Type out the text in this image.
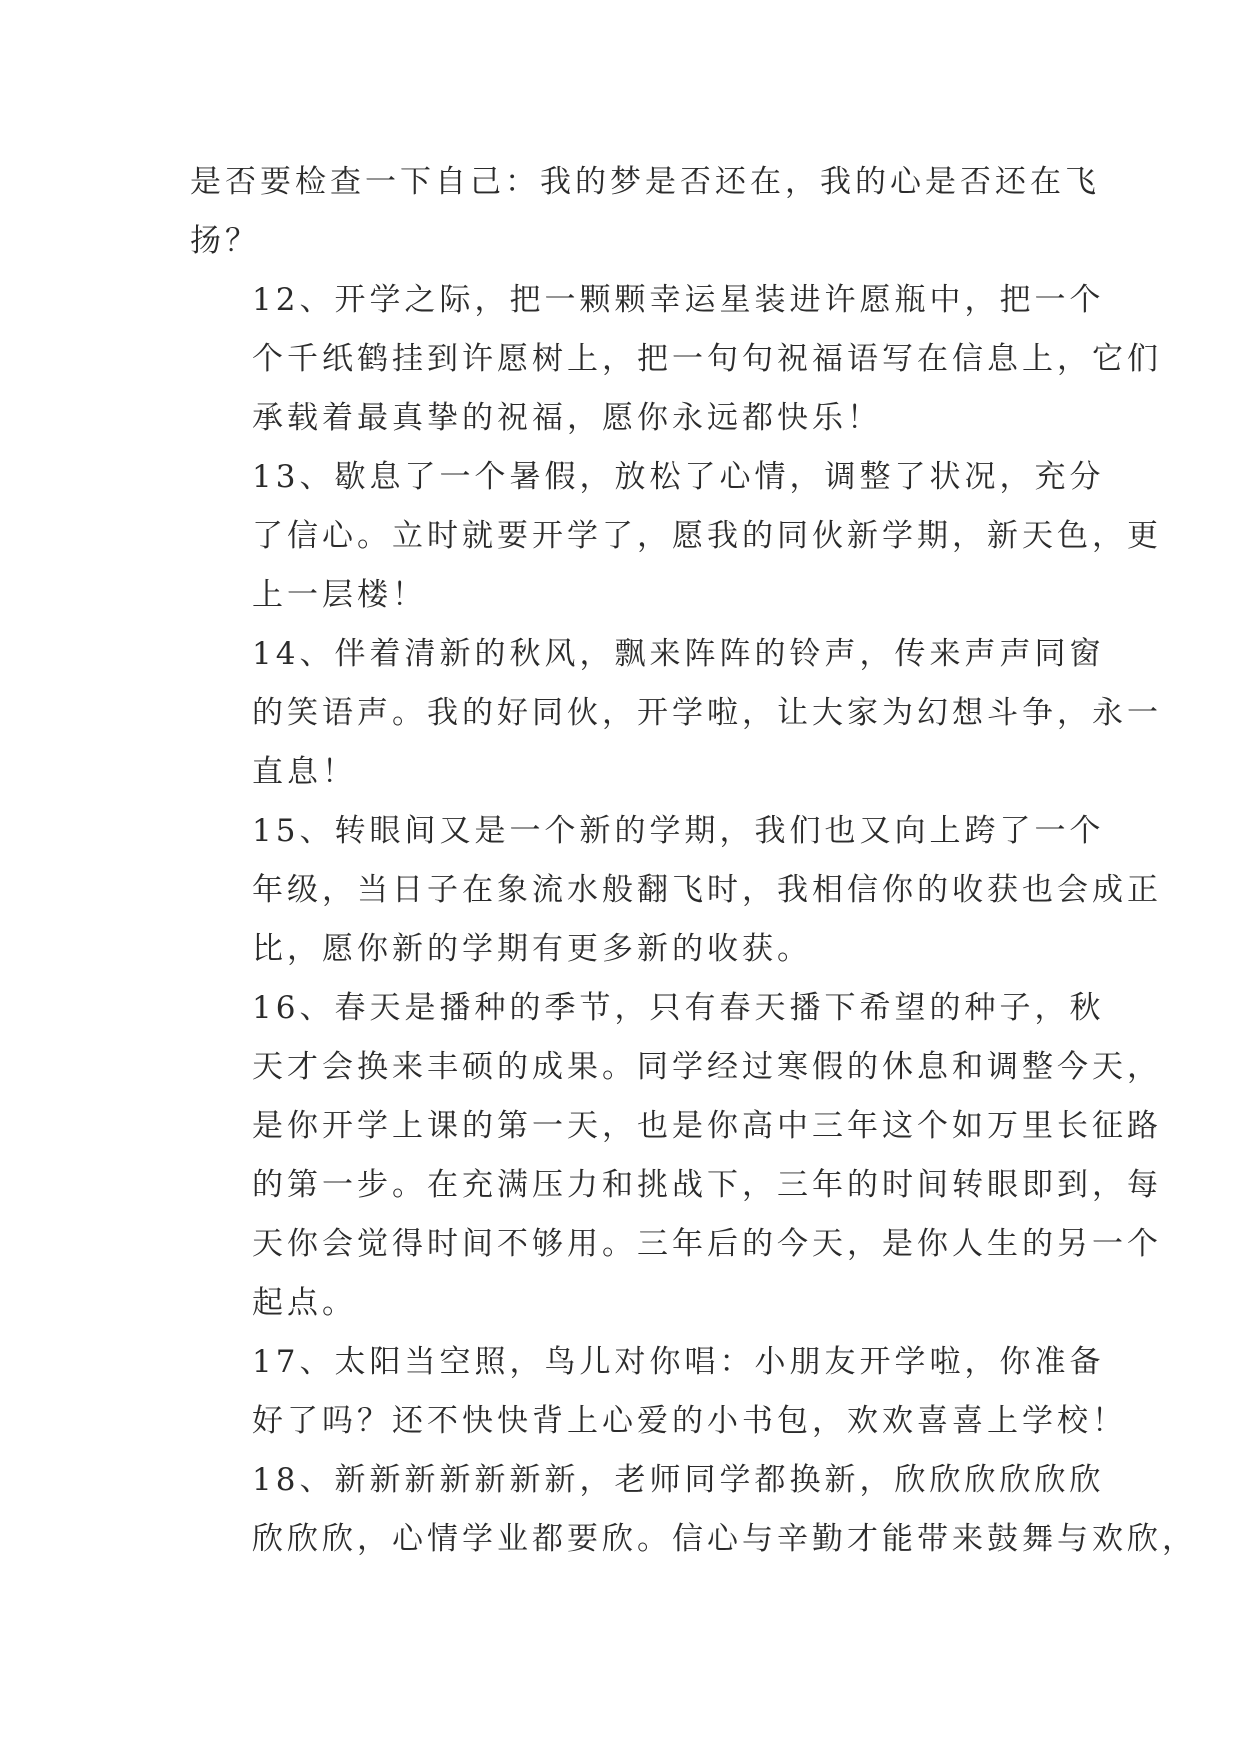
是否要检查一下自己：我的梦是否还在，我的心是否还在飞
扬？

12、开学之际，把一颗颗幸运星装进许愿瓶中，把一个
个千纸鹤挂到许愿树上，把一句句祝福语写在信息上，它们
承载着最真挚的祝福，愿你永远都快乐！

13、歇息了一个暑假，放松了心情，调整了状况，充分
了信心。立时就要开学了，愿我的同伙新学期，新天色，更
上一层楼！

14、伴着清新的秋风，飘来阵阵的铃声，传来声声同窗
的笑语声。我的好同伙，开学啦，让大家为幻想斗争，永一
直息！

15、转眼间又是一个新的学期，我们也又向上跨了一个
年级，当日子在象流水般翻飞时，我相信你的收获也会成正
比，愿你新的学期有更多新的收获。

16、春天是播种的季节，只有春天播下希望的种子，秋
天才会换来丰硕的成果。同学经过寒假的休息和调整今天，
是你开学上课的第一天，也是你高中三年这个如万里长征路
的第一步。在充满压力和挑战下，三年的时间转眼即到，每
天你会觉得时间不够用。三年后的今天，是你人生的另一个
起点。

17、太阳当空照，鸟儿对你唱：小朋友开学啦，你准备
好了吗？还不快快背上心爱的小书包，欢欢喜喜上学校！

18、新新新新新新新，老师同学都换新，欣欣欣欣欣欣
欣欣欣，心情学业都要欣。信心与辛勤才能带来鼓舞与欢欣，
